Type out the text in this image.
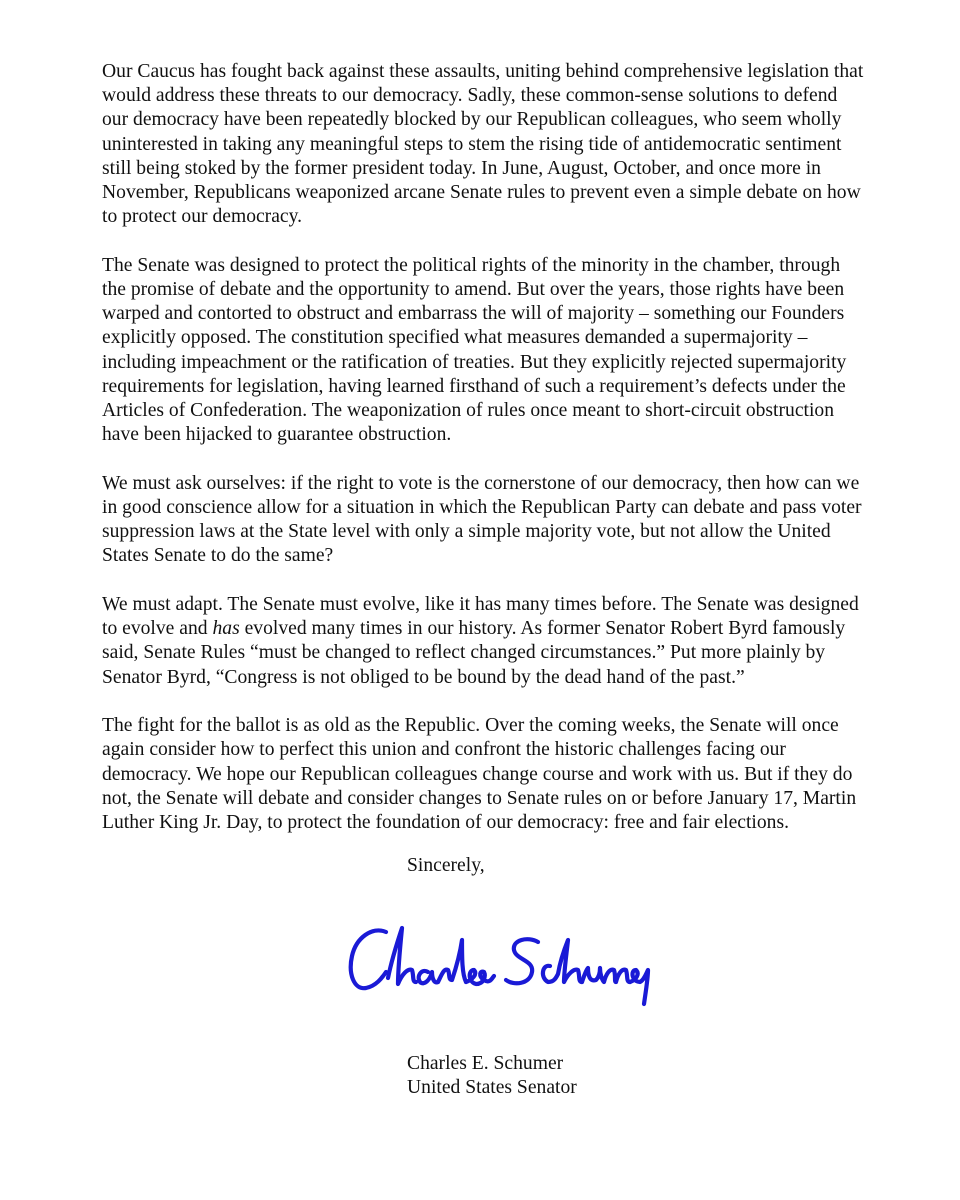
Our Caucus has fought back against these assaults, uniting behind comprehensive legislation that
would address these threats to our democracy. Sadly, these common-sense solutions to defend
our democracy have been repeatedly blocked by our Republican colleagues, who seem wholly
uninterested in taking any meaningful steps to stem the rising tide of antidemocratic sentiment
still being stoked by the former president today. In June, August, October, and once more in
November, Republicans weaponized arcane Senate rules to prevent even a simple debate on how
to protect our democracy.

The Senate was designed to protect the political rights of the minority in the chamber, through
the promise of debate and the opportunity to amend. But over the years, those rights have been
warped and contorted to obstruct and embarrass the will of majority – something our Founders
explicitly opposed. The constitution specified what measures demanded a supermajority –
including impeachment or the ratification of treaties. But they explicitly rejected supermajority
requirements for legislation, having learned firsthand of such a requirement’s defects under the
Articles of Confederation. The weaponization of rules once meant to short-circuit obstruction
have been hijacked to guarantee obstruction.

We must ask ourselves: if the right to vote is the cornerstone of our democracy, then how can we
in good conscience allow for a situation in which the Republican Party can debate and pass voter
suppression laws at the State level with only a simple majority vote, but not allow the United
States Senate to do the same?

We must adapt. The Senate must evolve, like it has many times before. The Senate was designed
to evolve and has evolved many times in our history. As former Senator Robert Byrd famously
said, Senate Rules “must be changed to reflect changed circumstances.” Put more plainly by
Senator Byrd, “Congress is not obliged to be bound by the dead hand of the past.”

The fight for the ballot is as old as the Republic. Over the coming weeks, the Senate will once
again consider how to perfect this union and confront the historic challenges facing our
democracy. We hope our Republican colleagues change course and work with us. But if they do
not, the Senate will debate and consider changes to Senate rules on or before January 17, Martin
Luther King Jr. Day, to protect the foundation of our democracy: free and fair elections.

Sincerely,
Charles E. Schumer
United States Senator
